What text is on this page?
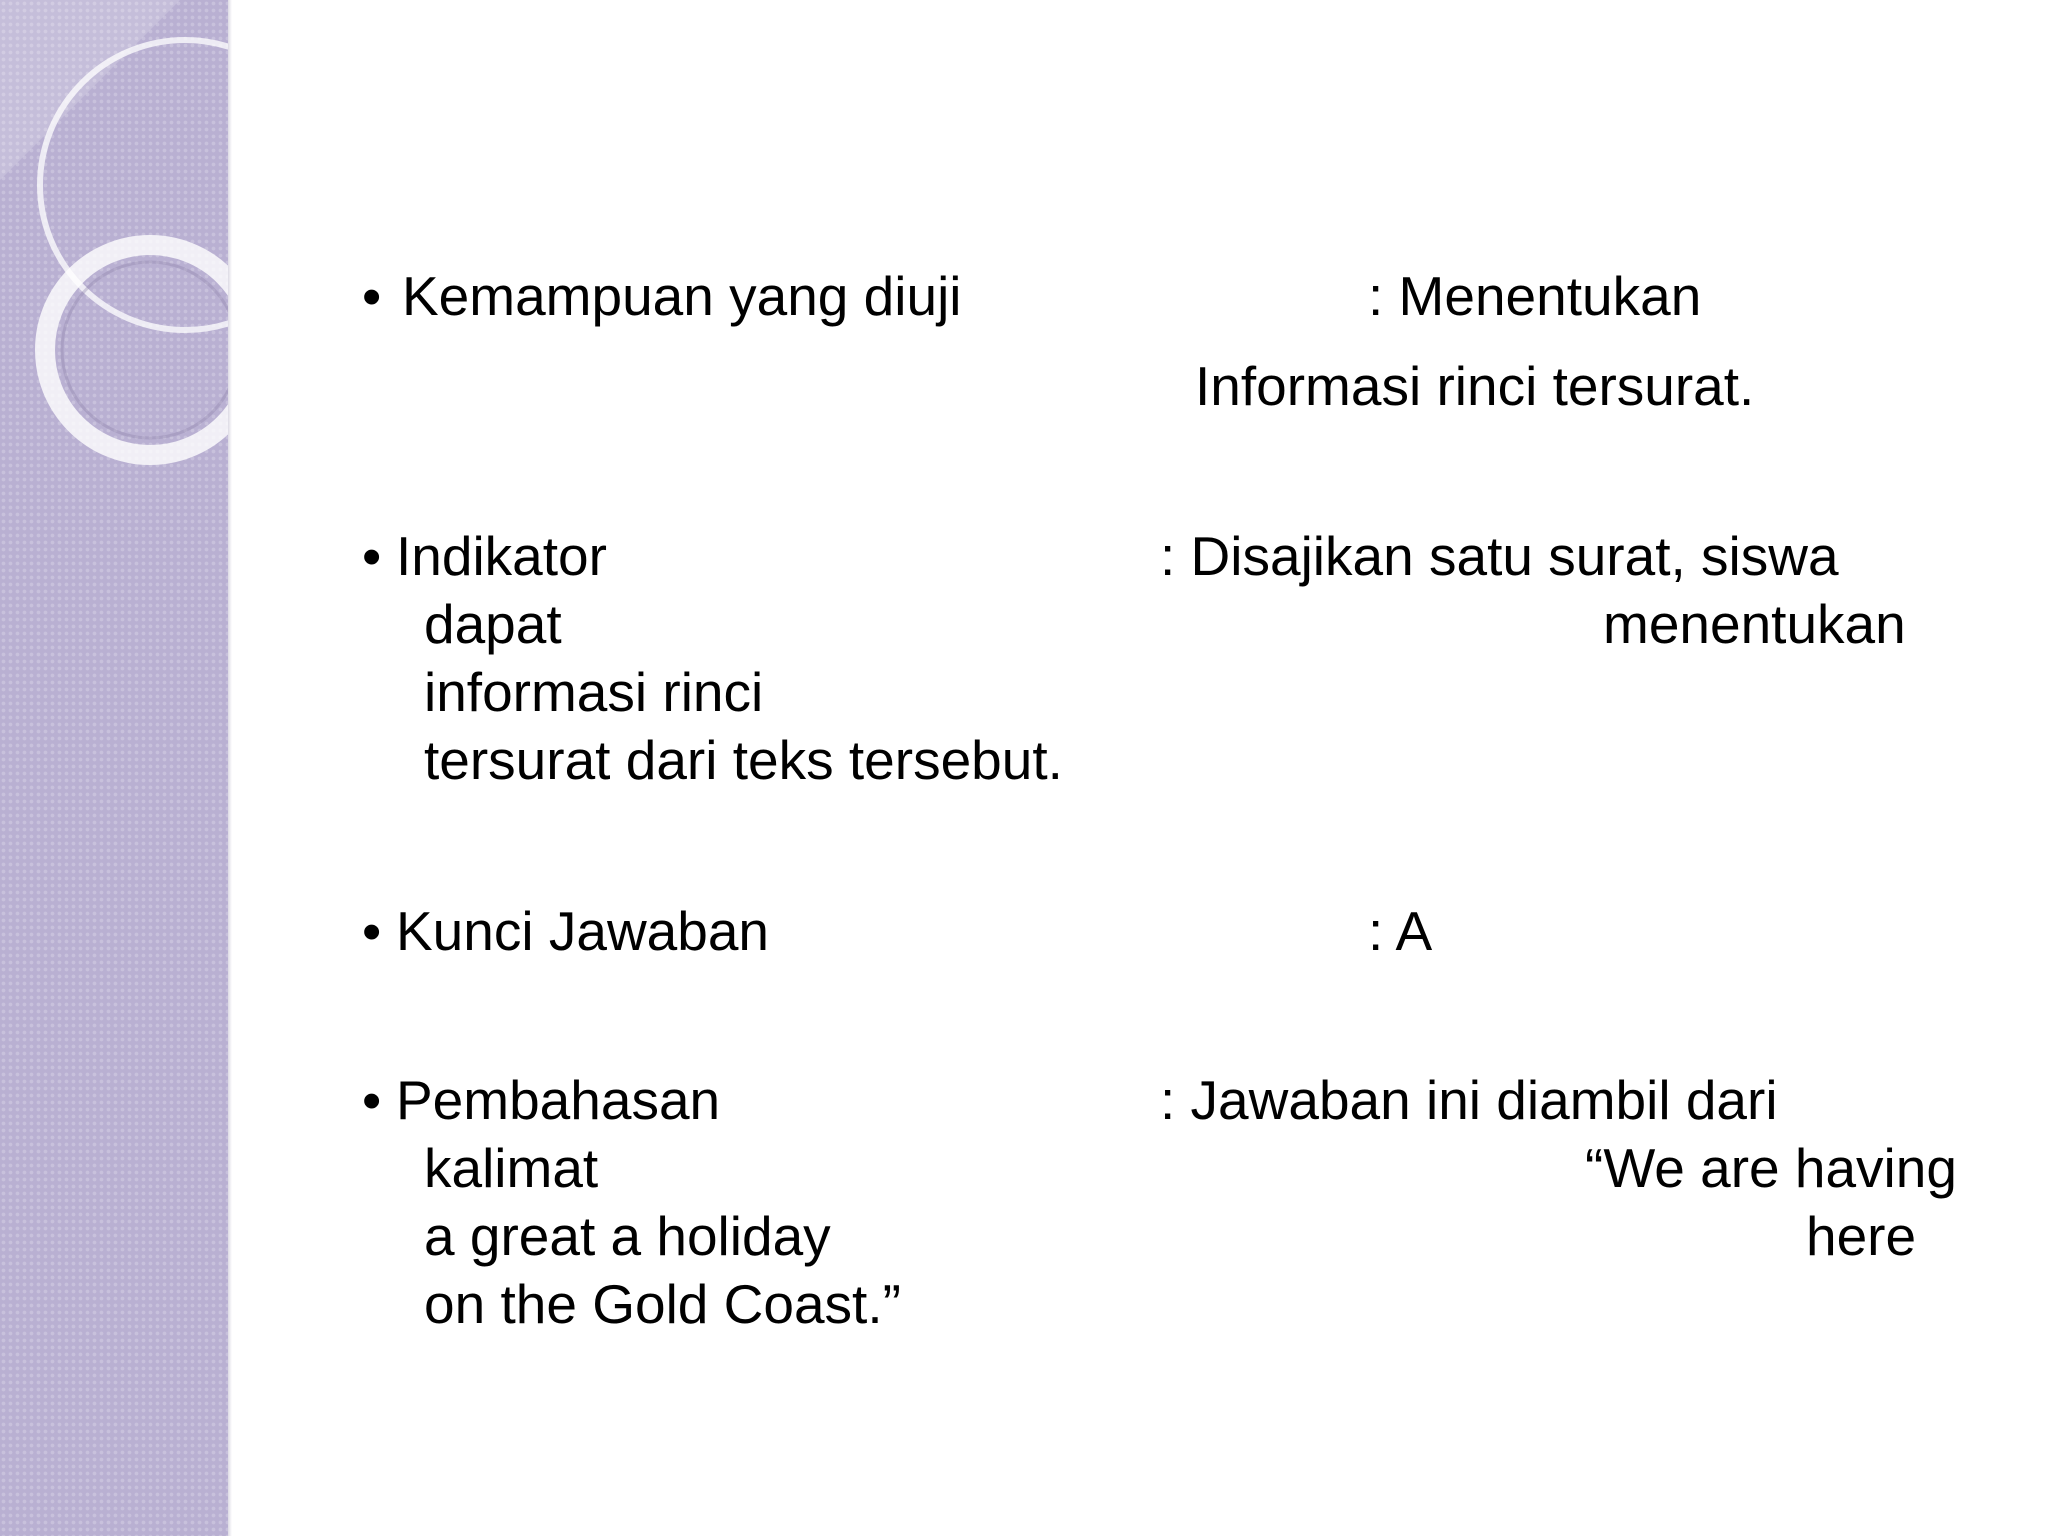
• Kemampuan yang diuji	: Menentukan
Informasi rinci tersurat.
• Indikator	: Disajikan satu surat, siswa
dapat	menentukan
informasi rinci
tersurat dari teks tersebut.
• Kunci Jawaban	: A
• Pembahasan	: Jawaban ini diambil dari
kalimat	“We are having
a great a holiday	here
on the Gold Coast.”
